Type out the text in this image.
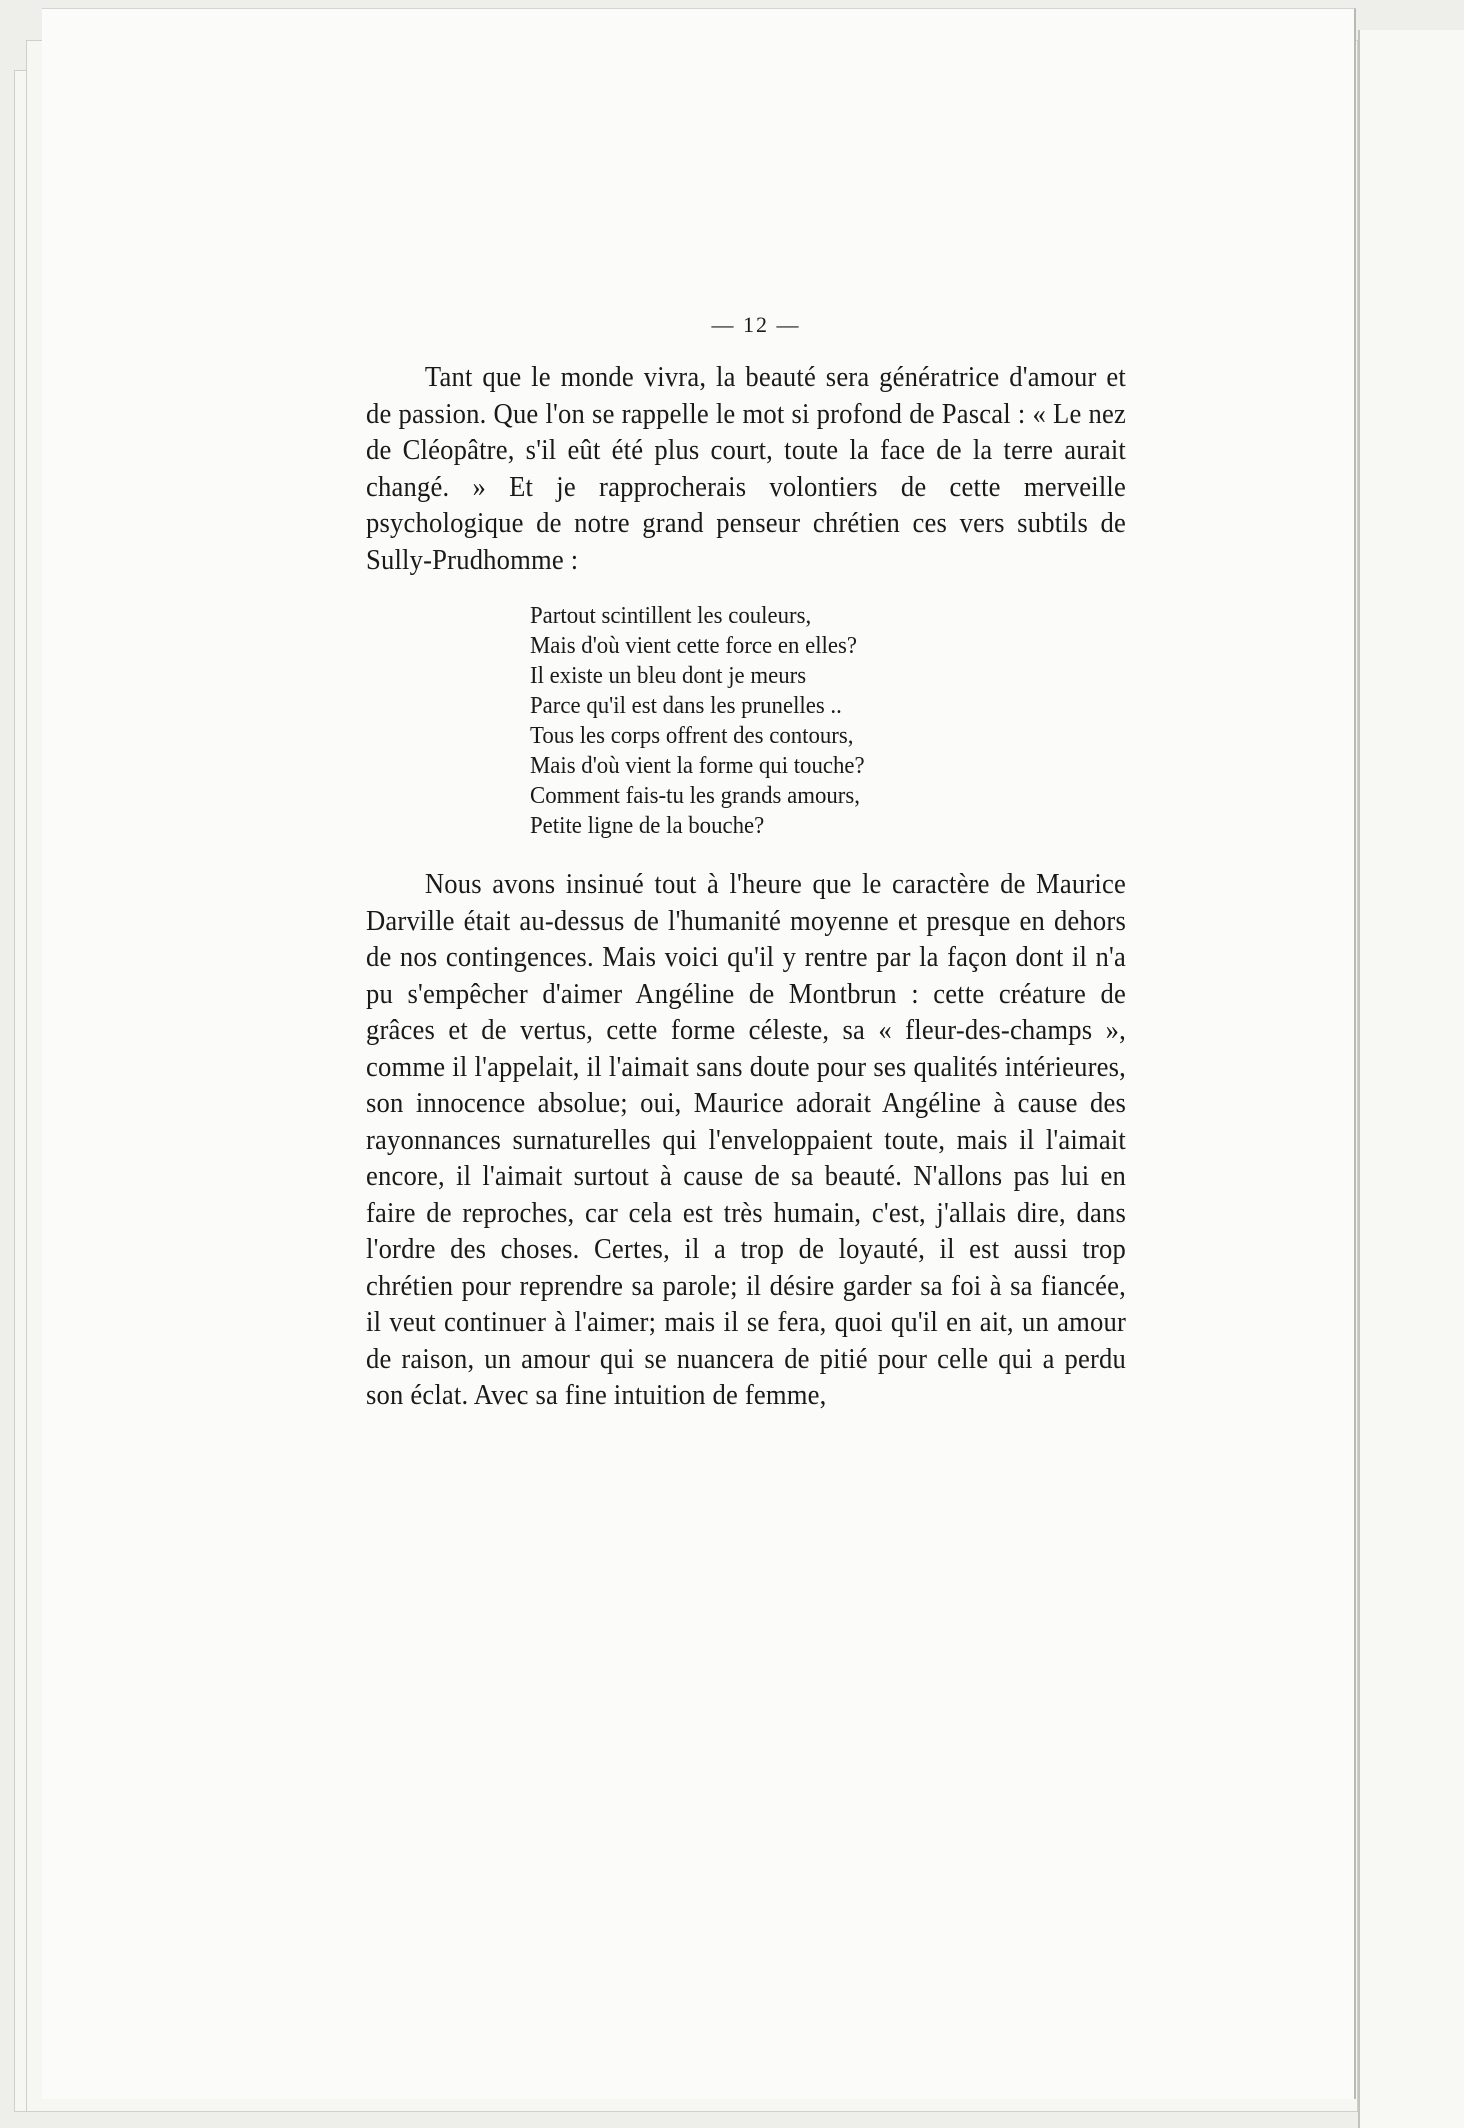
— 12 —

Tant que le monde vivra, la beauté sera génératrice d'amour et de passion. Que l'on se rappelle le mot si profond de Pascal : « Le nez de Cléopâtre, s'il eût été plus court, toute la face de la terre aurait changé. » Et je rapprocherais volontiers de cette merveille psychologique de notre grand penseur chrétien ces vers subtils de Sully-Prudhomme :

Partout scintillent les couleurs,
Mais d'où vient cette force en elles?
Il existe un bleu dont je meurs
Parce qu'il est dans les prunelles ..
Tous les corps offrent des contours,
Mais d'où vient la forme qui touche?
Comment fais-tu les grands amours,
Petite ligne de la bouche?

Nous avons insinué tout à l'heure que le caractère de Maurice Darville était au-dessus de l'humanité moyenne et presque en dehors de nos contingences. Mais voici qu'il y rentre par la façon dont il n'a pu s'empêcher d'aimer Angéline de Montbrun : cette créature de grâces et de vertus, cette forme céleste, sa « fleur-des-champs », comme il l'appelait, il l'aimait sans doute pour ses qualités intérieures, son innocence absolue; oui, Maurice adorait Angéline à cause des rayonnances surnaturelles qui l'enveloppaient toute, mais il l'aimait encore, il l'aimait surtout à cause de sa beauté. N'allons pas lui en faire de reproches, car cela est très humain, c'est, j'allais dire, dans l'ordre des choses. Certes, il a trop de loyauté, il est aussi trop chrétien pour reprendre sa parole; il désire garder sa foi à sa fiancée, il veut continuer à l'aimer; mais il se fera, quoi qu'il en ait, un amour de raison, un amour qui se nuancera de pitié pour celle qui a perdu son éclat. Avec sa fine intuition de femme,
